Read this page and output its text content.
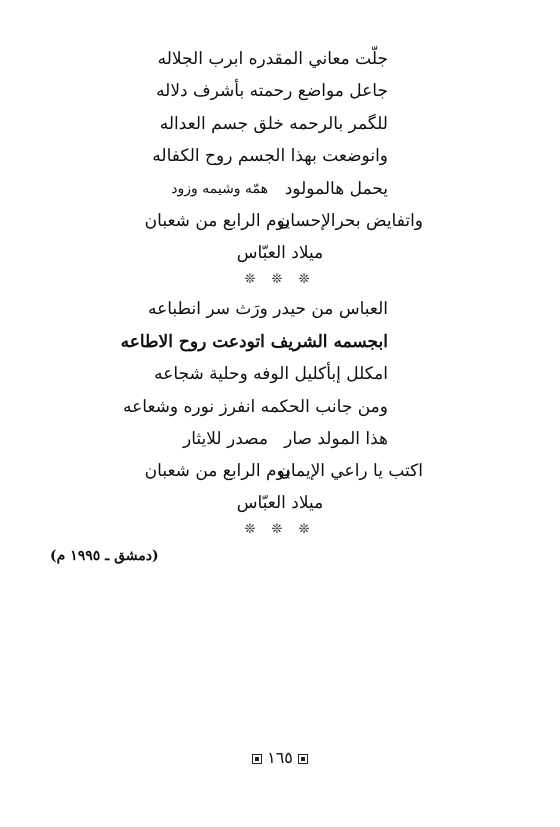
جلّت معاني المقدره ابرب الجلاله
جاعل مواضع رحمته بأشرف دلاله
للگمر بالرحمه خلق جسم العداله
وانوضعت بهذا الجسم روح الكفاله
يحمل هالمولود
همّه وشيمه وزود
واتفايض بحرالإحسان
يوم الرابع من شعبان
ميلاد العبّاس
❊ ❊ ❊
العباس من حيدر ورَث سر انطباعه
ابجسمه الشريف اتودعت روح الاطاعه
امكلل إبأكليل الوفه وحلية شجاعه
ومن جانب الحكمه انفرز نوره وشعاعه
هذا المولد صار
مصدر للايثار
اكتب يا راعي الإيمان
يوم الرابع من شعبان
ميلاد العبّاس
❊ ❊ ❊
(دمشق ـ ١٩٩٥ م)
١٦٥
